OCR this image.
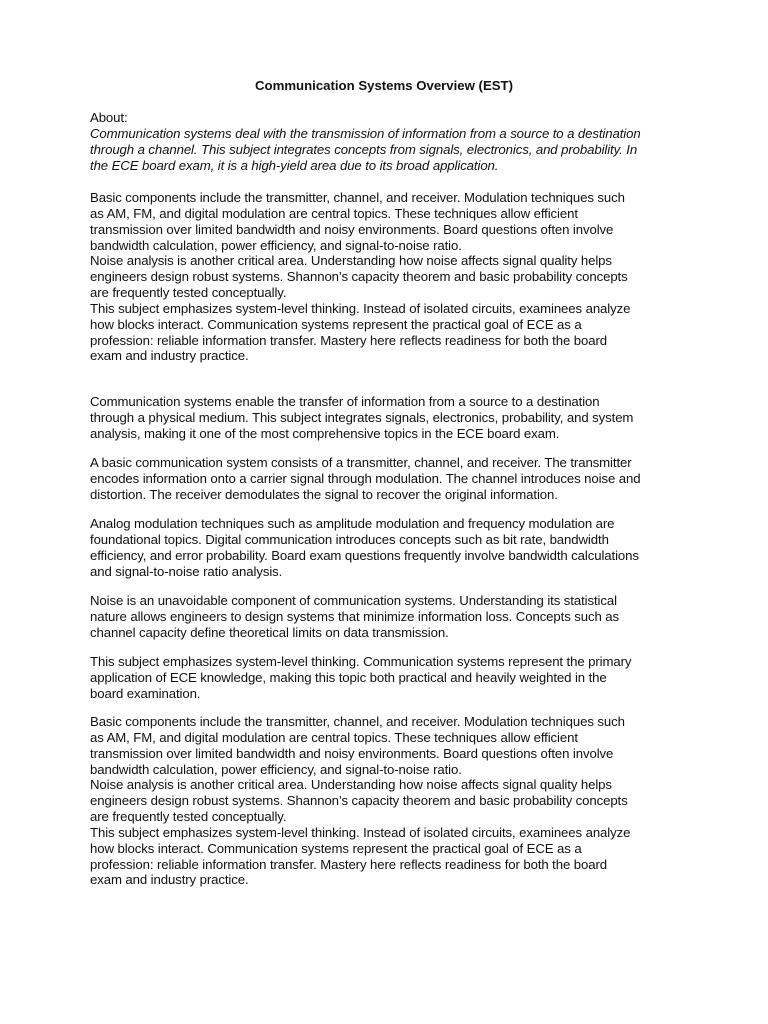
Communication Systems Overview (EST)
About:
Communication systems deal with the transmission of information from a source to a destination
through a channel. This subject integrates concepts from signals, electronics, and probability. In
the ECE board exam, it is a high-yield area due to its broad application.
Basic components include the transmitter, channel, and receiver. Modulation techniques such
as AM, FM, and digital modulation are central topics. These techniques allow efficient
transmission over limited bandwidth and noisy environments. Board questions often involve
bandwidth calculation, power efficiency, and signal-to-noise ratio.
Noise analysis is another critical area. Understanding how noise affects signal quality helps
engineers design robust systems. Shannon’s capacity theorem and basic probability concepts
are frequently tested conceptually.
This subject emphasizes system-level thinking. Instead of isolated circuits, examinees analyze
how blocks interact. Communication systems represent the practical goal of ECE as a
profession: reliable information transfer. Mastery here reflects readiness for both the board
exam and industry practice.
Communication systems enable the transfer of information from a source to a destination
through a physical medium. This subject integrates signals, electronics, probability, and system
analysis, making it one of the most comprehensive topics in the ECE board exam.
A basic communication system consists of a transmitter, channel, and receiver. The transmitter
encodes information onto a carrier signal through modulation. The channel introduces noise and
distortion. The receiver demodulates the signal to recover the original information.
Analog modulation techniques such as amplitude modulation and frequency modulation are
foundational topics. Digital communication introduces concepts such as bit rate, bandwidth
efficiency, and error probability. Board exam questions frequently involve bandwidth calculations
and signal-to-noise ratio analysis.
Noise is an unavoidable component of communication systems. Understanding its statistical
nature allows engineers to design systems that minimize information loss. Concepts such as
channel capacity define theoretical limits on data transmission.
This subject emphasizes system-level thinking. Communication systems represent the primary
application of ECE knowledge, making this topic both practical and heavily weighted in the
board examination.
Basic components include the transmitter, channel, and receiver. Modulation techniques such
as AM, FM, and digital modulation are central topics. These techniques allow efficient
transmission over limited bandwidth and noisy environments. Board questions often involve
bandwidth calculation, power efficiency, and signal-to-noise ratio.
Noise analysis is another critical area. Understanding how noise affects signal quality helps
engineers design robust systems. Shannon’s capacity theorem and basic probability concepts
are frequently tested conceptually.
This subject emphasizes system-level thinking. Instead of isolated circuits, examinees analyze
how blocks interact. Communication systems represent the practical goal of ECE as a
profession: reliable information transfer. Mastery here reflects readiness for both the board
exam and industry practice.
